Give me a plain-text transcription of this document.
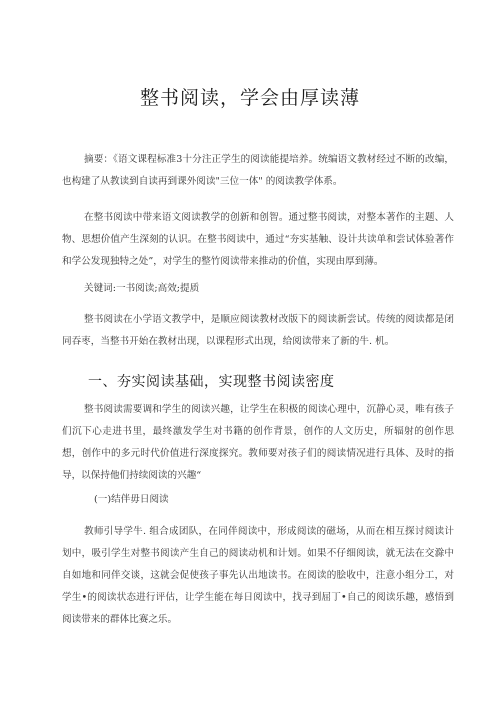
整书阅读，学会由厚读薄
摘要：《语文课程标准3十分注正学生的阅读能提培养。统编语文教材经过不断的改编，也构建了从教读到自读再到课外阅读"三位一体" 的阅读教学体系。
在整书阅读中带来语文阅读教学的创新和创智。通过整书阅读，对整本著作的主题、人物、思想价值产生深刻的认识。在整书阅读中，通过“夯实基触、设计共读单和尝试体验著作和学公发现独特之处”，对学生的整竹阅读带来推动的价值，实现由厚到薄。
关键词:一书阅读;高效;提质
整书阅读在小学语文教学中，是顺应阅读教材改版下的阅读新尝试。传统的阅读都是闭同吞枣，当整书开始在教材出现，以课程形式出现，给阅读带来了新的牛. 机。
一、夯实阅读基础，实现整书阅读密度
整书阅读需要调和学生的阅读兴趣，让学生在积极的阅读心理中，沉静心灵，唯有孩子们沉下心走进书里，最终激发学生对书籍的创作背景，创作的人文历史，所辐射的创作思想，创作中的多元时代价值进行深度探究。教师要对孩子们的阅读情况进行具体、及时的指导，以保持他们持续阅读的兴趣“
(一)结伴毋日阅读
教师引导学牛. 组合成团队，在同伴阅读中，形成阅读的磁场，从而在相互探讨阅读计划中，吸引学生对整书阅读产生自己的阅读动机和计划。如果不仔细阅读，就无法在交滁中自如地和同伴交谈，这就会促使孩子事先认出地读书。在阅读的脍收中，注意小组分工，对学生•的阅读状态进行评估，让学生能在每日阅读中，找寻到屈丁•自己的阅读乐趣，感悟到阅读带来的群体比赛之乐。
